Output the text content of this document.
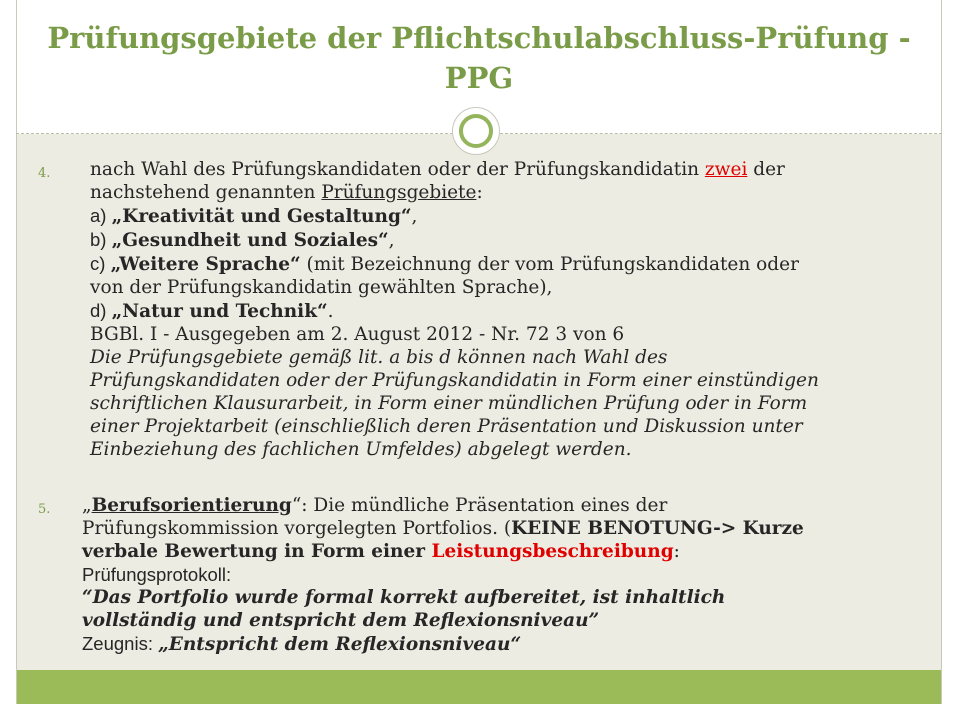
Prüfungsgebiete der Pflichtschulabschluss-Prüfung -
PPG
4. nach Wahl des Prüfungskandidaten oder der Prüfungskandidatin zwei der
nachstehend genannten Prüfungsgebiete:
a) „Kreativität und Gestaltung“,
b) „Gesundheit und Soziales“,
c) „Weitere Sprache“ (mit Bezeichnung der vom Prüfungskandidaten oder
von der Prüfungskandidatin gewählten Sprache),
d) „Natur und Technik“.
BGBl. I - Ausgegeben am 2. August 2012 - Nr. 72 3 von 6
Die Prüfungsgebiete gemäß lit. a bis d können nach Wahl des
Prüfungskandidaten oder der Prüfungskandidatin in Form einer einstündigen
schriftlichen Klausurarbeit, in Form einer mündlichen Prüfung oder in Form
einer Projektarbeit (einschließlich deren Präsentation und Diskussion unter
Einbeziehung des fachlichen Umfeldes) abgelegt werden.
5. „Berufsorientierung“: Die mündliche Präsentation eines der
Prüfungskommission vorgelegten Portfolios. (KEINE BENOTUNG-> Kurze
verbale Bewertung in Form einer Leistungsbeschreibung:
Prüfungsprotokoll:
“Das Portfolio wurde formal korrekt aufbereitet, ist inhaltlich
vollständig und entspricht dem Reflexionsniveau”
Zeugnis: „Entspricht dem Reflexionsniveau“
